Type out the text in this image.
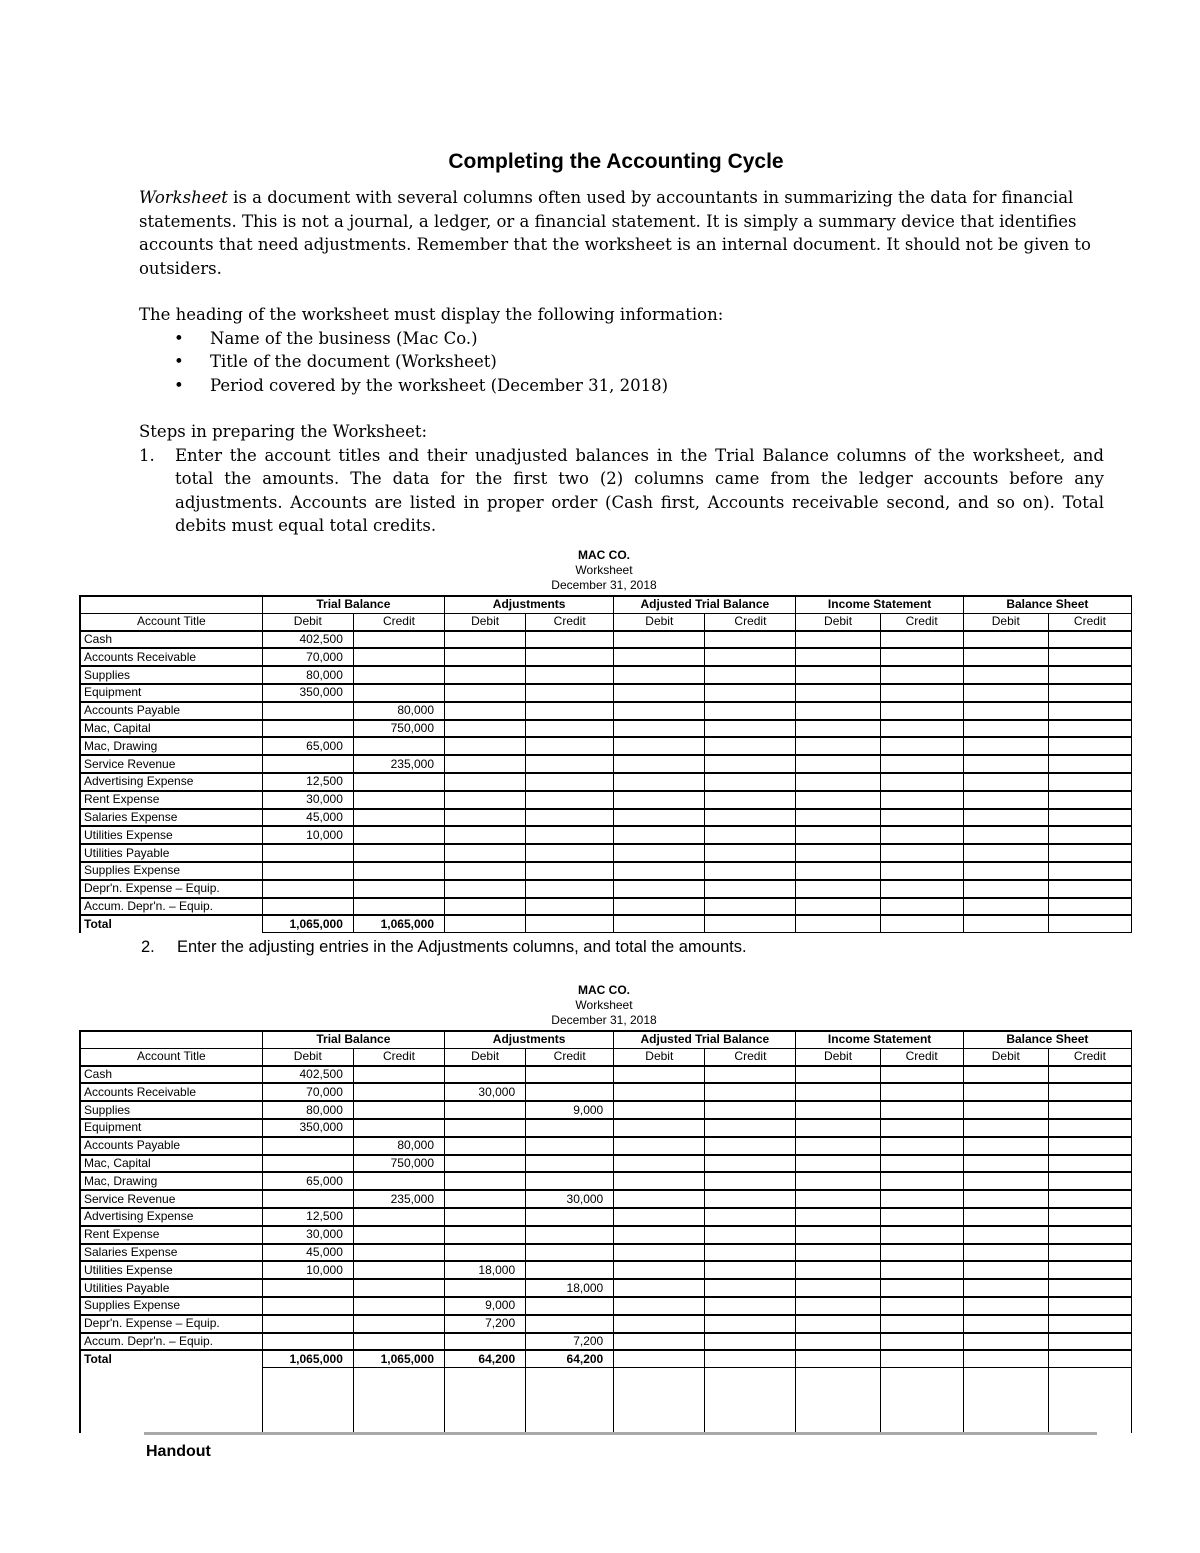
Completing the Accounting Cycle

Worksheet is a document with several columns often used by accountants in summarizing the data for financial statements. This is not a journal, a ledger, or a financial statement. It is simply a summary device that identifies accounts that need adjustments. Remember that the worksheet is an internal document. It should not be given to outsiders.

The heading of the worksheet must display the following information:

• Name of the business (Mac Co.)
• Title of the document (Worksheet)
• Period covered by the worksheet (December 31, 2018)

Steps in preparing the Worksheet:

1. Enter the account titles and their unadjusted balances in the Trial Balance columns of the worksheet, and total the amounts. The data for the first two (2) columns came from the ledger accounts before any adjustments. Accounts are listed in proper order (Cash first, Accounts receivable second, and so on). Total debits must equal total credits.
MAC CO.
Worksheet
December 31, 2018
	Trial Balance		Adjustments		Adjusted Trial Balance		Income Statement		Balance Sheet	
Account Title	Debit	Credit	Debit	Credit	Debit	Credit	Debit	Credit	Debit	Credit
Cash	402,500									
Accounts Receivable	70,000									
Supplies	80,000									
Equipment	350,000									
Accounts Payable		80,000								
Mac, Capital		750,000								
Mac, Drawing	65,000									
Service Revenue		235,000								
Advertising Expense	12,500									
Rent Expense	30,000									
Salaries Expense	45,000									
Utilities Expense	10,000									
Utilities Payable										
Supplies Expense										
Depr'n. Expense – Equip.										
Accum. Depr'n. – Equip.										
Total	1,065,000	1,065,000								
2. Enter the adjusting entries in the Adjustments columns, and total the amounts.
MAC CO.
Worksheet
December 31, 2018
	Trial Balance		Adjustments		Adjusted Trial Balance		Income Statement		Balance Sheet	
Account Title	Debit	Credit	Debit	Credit	Debit	Credit	Debit	Credit	Debit	Credit
Cash	402,500									
Accounts Receivable	70,000		30,000							
Supplies	80,000			9,000						
Equipment	350,000									
Accounts Payable		80,000								
Mac, Capital		750,000								
Mac, Drawing	65,000									
Service Revenue		235,000		30,000						
Advertising Expense	12,500									
Rent Expense	30,000									
Salaries Expense	45,000									
Utilities Expense	10,000		18,000							
Utilities Payable				18,000						
Supplies Expense			9,000							
Depr'n. Expense – Equip.			7,200							
Accum. Depr'n. – Equip.				7,200						
Total	1,065,000	1,065,000	64,200	64,200						

Handout
